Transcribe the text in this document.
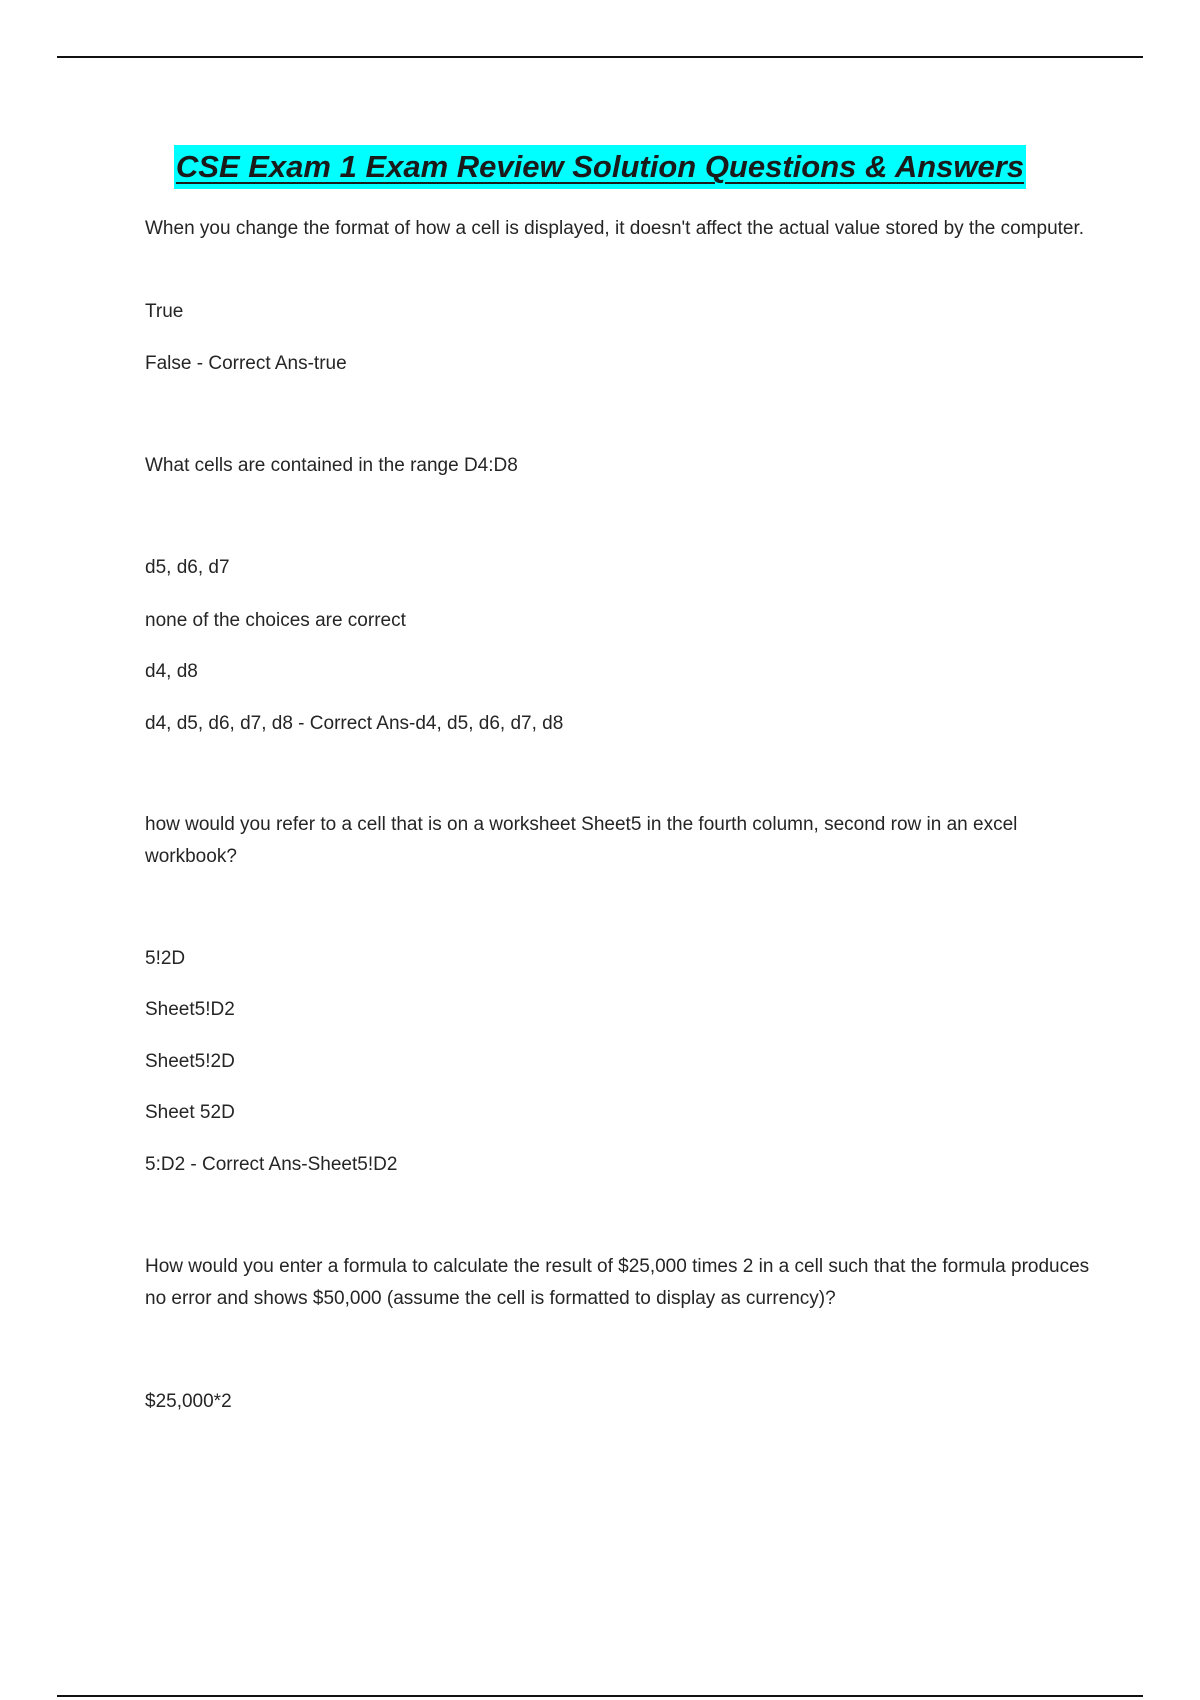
CSE Exam 1 Exam Review Solution Questions & Answers
When you change the format of how a cell is displayed, it doesn't affect the actual value stored by the computer.
True
False - Correct Ans-true
What cells are contained in the range D4:D8
d5, d6, d7
none of the choices are correct
d4, d8
d4, d5, d6, d7, d8 - Correct Ans-d4, d5, d6, d7, d8
how would you refer to a cell that is on a worksheet Sheet5 in the fourth column, second row in an excel workbook?
5!2D
Sheet5!D2
Sheet5!2D
Sheet 52D
5:D2 - Correct Ans-Sheet5!D2
How would you enter a formula to calculate the result of $25,000 times 2 in a cell such that the formula produces no error and shows $50,000 (assume the cell is formatted to display as currency)?
$25,000*2
